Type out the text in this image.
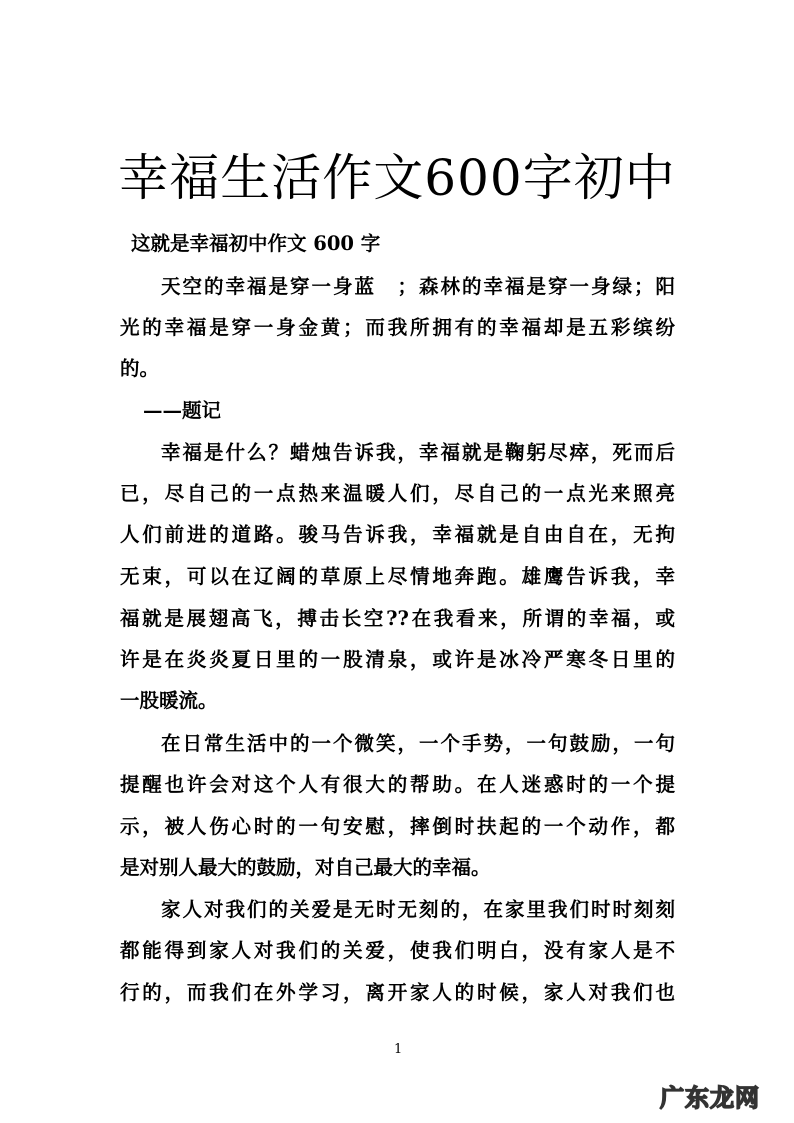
幸福生活作文600字初中
这就是幸福初中作文 600 字
天空的幸福是穿一身蓝　；森林的幸福是穿一身绿；阳
光的幸福是穿一身金黄；而我所拥有的幸福却是五彩缤纷
的。
——题记
幸福是什么？蜡烛告诉我，幸福就是鞠躬尽瘁，死而后
已，尽自己的一点热来温暖人们，尽自己的一点光来照亮
人们前进的道路。骏马告诉我，幸福就是自由自在，无拘
无束，可以在辽阔的草原上尽情地奔跑。雄鹰告诉我，幸
福就是展翅高飞，搏击长空??在我看来，所谓的幸福，或
许是在炎炎夏日里的一股清泉，或许是冰冷严寒冬日里的
一股暖流。
在日常生活中的一个微笑，一个手势，一句鼓励，一句
提醒也许会对这个人有很大的帮助。在人迷惑时的一个提
示，被人伤心时的一句安慰，摔倒时扶起的一个动作，都
是对别人最大的鼓励，对自己最大的幸福。
家人对我们的关爱是无时无刻的，在家里我们时时刻刻
都能得到家人对我们的关爱，使我们明白，没有家人是不
行的，而我们在外学习，离开家人的时候，家人对我们也
1
广东龙网
